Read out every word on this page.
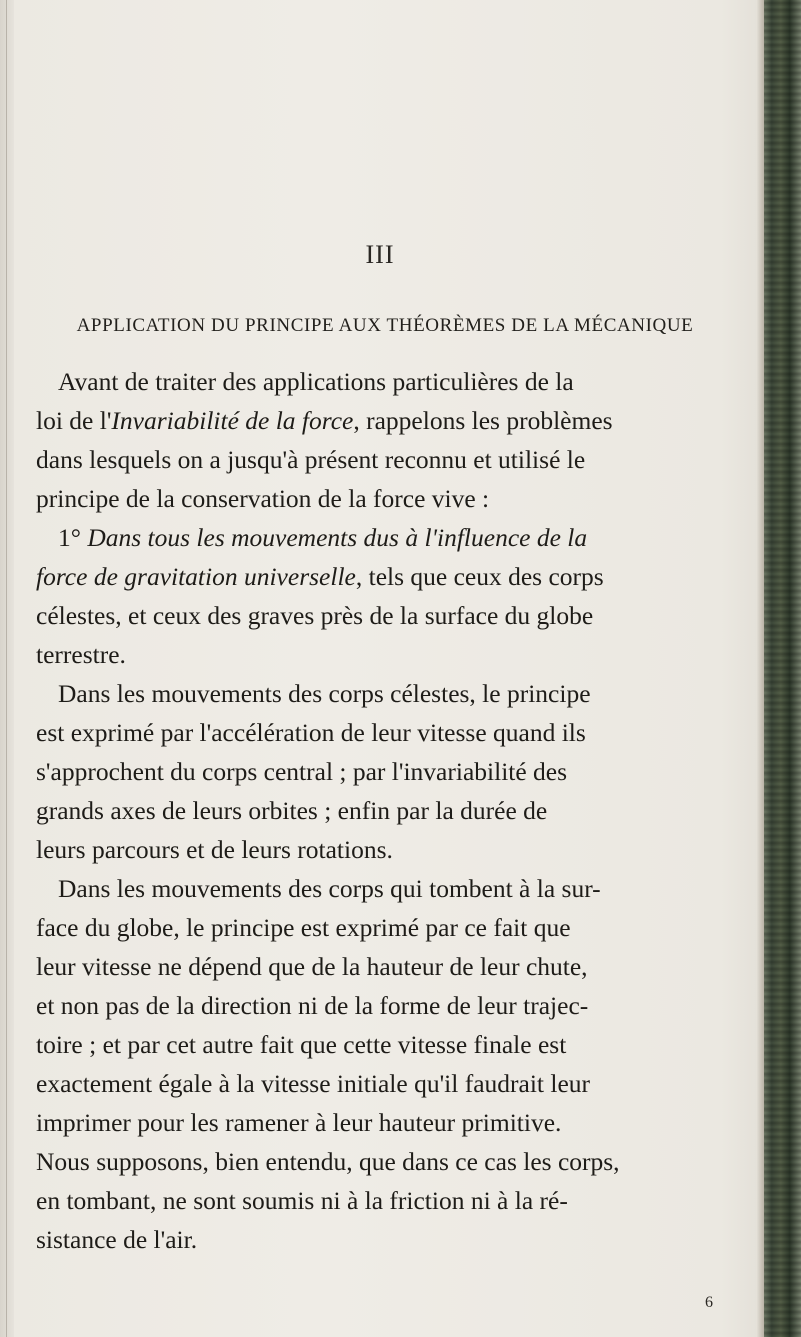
III
APPLICATION DU PRINCIPE AUX THÉORÈMES DE LA MÉCANIQUE
Avant de traiter des applications particulières de la
loi de l'Invariabilité de la force, rappelons les problèmes
dans lesquels on a jusqu'à présent reconnu et utilisé le
principe de la conservation de la force vive :
1° Dans tous les mouvements dus à l'influence de la
force de gravitation universelle, tels que ceux des corps
célestes, et ceux des graves près de la surface du globe
terrestre.
Dans les mouvements des corps célestes, le principe
est exprimé par l'accélération de leur vitesse quand ils
s'approchent du corps central ; par l'invariabilité des
grands axes de leurs orbites ; enfin par la durée de
leurs parcours et de leurs rotations.
Dans les mouvements des corps qui tombent à la sur-
face du globe, le principe est exprimé par ce fait que
leur vitesse ne dépend que de la hauteur de leur chute,
et non pas de la direction ni de la forme de leur trajec-
toire ; et par cet autre fait que cette vitesse finale est
exactement égale à la vitesse initiale qu'il faudrait leur
imprimer pour les ramener à leur hauteur primitive.
Nous supposons, bien entendu, que dans ce cas les corps,
en tombant, ne sont soumis ni à la friction ni à la ré-
sistance de l'air.
6
